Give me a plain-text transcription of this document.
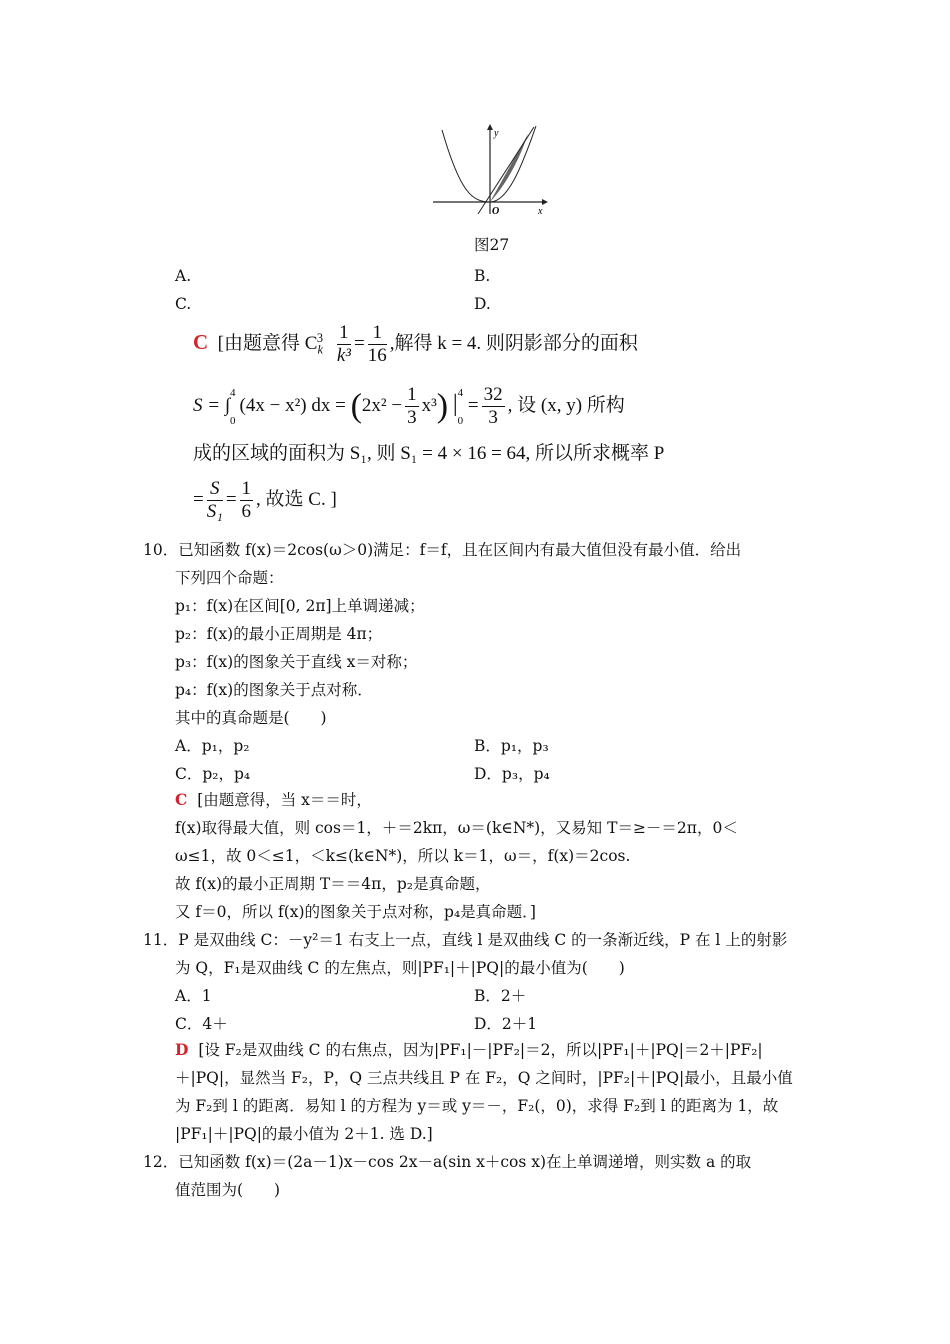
y
x
O
图27
A.	B.
C.	D.
C [由题意得 $C_k^3 \frac{1}{\text{k³}} = \frac{1}{16}$ ,解得 k = 4. 则阴影部分的面积
S = ∫
4

0
(4x − x²) dx = $(2x^2 - \frac{1}{3} x^3)$ | 4

0
= $\frac{32}{3}$ , 设 (x, y) 所构
成的区域的面积为 S₁, 则 S₁ = 4 × 16 = 64, 所以所求概率 P
= $\frac{S}{\text{S₁}} = \frac{1}{6}$ , 故选 C. ]
10．已知函数 f(x)＝2cos(ω＞0)满足：f＝f，且在区间内有最大值但没有最小值．给出
下列四个命题：
p₁：f(x)在区间[0, 2π]上单调递减；
p₂：f(x)的最小正周期是 4π；
p₃：f(x)的图象关于直线 x＝对称；
p₄：f(x)的图象关于点对称．
其中的真命题是(　　)
A．p₁，p₂	B．p₁，p₃
C．p₂，p₄	D．p₃，p₄
C [由题意得，当 x＝＝时，
f(x)取得最大值，则 cos＝1，＋＝2kπ，ω＝(k∈N*)，又易知 T＝≥－＝2π，0＜
ω≤1，故 0＜≤1，＜k≤(k∈N*)，所以 k＝1，ω＝，f(x)＝2cos.
故 f(x)的最小正周期 T＝＝4π，p₂是真命题，
又 f＝0，所以 f(x)的图象关于点对称，p₄是真命题．]
11．P 是双曲线 C：－y²＝1 右支上一点，直线 l 是双曲线 C 的一条渐近线，P 在 l 上的射影
为 Q，F₁是双曲线 C 的左焦点，则|PF₁|＋|PQ|的最小值为(　　)
A．1	B．2＋
C．4＋	D．2＋1
D [设 F₂是双曲线 C 的右焦点，因为|PF₁|－|PF₂|＝2，所以|PF₁|＋|PQ|＝2＋|PF₂|
＋|PQ|，显然当 F₂，P，Q 三点共线且 P 在 F₂，Q 之间时，|PF₂|＋|PQ|最小，且最小值
为 F₂到 l 的距离．易知 l 的方程为 y＝或 y＝－，F₂(，0)，求得 F₂到 l 的距离为 1，故
|PF₁|＋|PQ|的最小值为 2＋1. 选 D.]
12．已知函数 f(x)＝(2a－1)x－cos 2x－a(sin x＋cos x)在上单调递增，则实数 a 的取
值范围为(　　)
